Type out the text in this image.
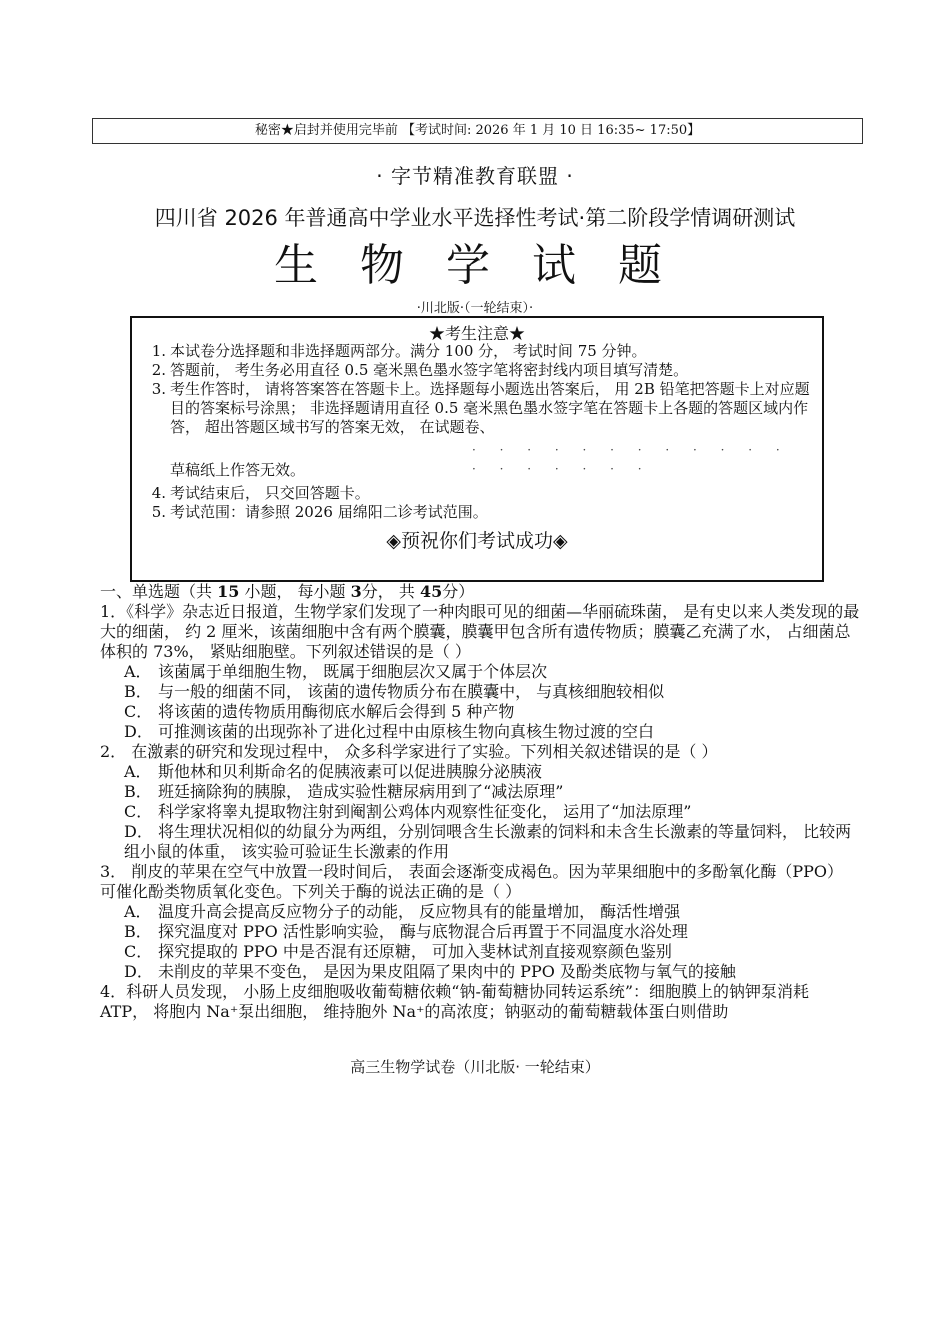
秘密★启封并使用完毕前 【考试时间: 2026 年 1 月 10 日 16:35~ 17:50】
· 字节精准教育联盟 ·
四川省 2026 年普通高中学业水平选择性考试·第二阶段学情调研测试
生 物 学 试 题
·川北版·（一轮结束）·
★考生注意★
1. 本试卷分选择题和非选择题两部分。满分 100 分， 考试时间 75 分钟。
2. 答题前， 考生务必用直径 0.5 毫米黑色墨水签字笔将密封线内项目填写清楚。
3. 考生作答时， 请将答案答在答题卡上。选择题每小题选出答案后， 用 2B 铅笔把答题卡上对应题目的答案标号涂黑； 非选择题请用直径 0.5 毫米黑色墨水签字笔在答题卡上各题的答题区域内作答， 超出答题区域书写的答案无效， 在试题卷、
· · · · · · · · · · · · · · · · · · ·
草稿纸上作答无效。
4. 考试结束后， 只交回答题卡。
5. 考试范围：请参照 2026 届绵阳二诊考试范围。
◈预祝你们考试成功◈
一、单选题（共 15 小题， 每小题 3分， 共 45分）

1．《科学》杂志近日报道，生物学家们发现了一种肉眼可见的细菌—华丽硫珠菌， 是有史以来人类发现的最大的细菌， 约 2 厘米，该菌细胞中含有两个膜囊，膜囊甲包含所有遗传物质；膜囊乙充满了水， 占细菌总体积的 73%， 紧贴细胞壁。下列叙述错误的是（ ）

A． 该菌属于单细胞生物， 既属于细胞层次又属于个体层次
B． 与一般的细菌不同， 该菌的遗传物质分布在膜囊中， 与真核细胞较相似
C． 将该菌的遗传物质用酶彻底水解后会得到 5 种产物
D． 可推测该菌的出现弥补了进化过程中由原核生物向真核生物过渡的空白

2． 在激素的研究和发现过程中， 众多科学家进行了实验。下列相关叙述错误的是（ ）

A． 斯他林和贝利斯命名的促胰液素可以促进胰腺分泌胰液
B． 班廷摘除狗的胰腺， 造成实验性糖尿病用到了“减法原理”
C． 科学家将睾丸提取物注射到阉割公鸡体内观察性征变化， 运用了“加法原理”
D． 将生理状况相似的幼鼠分为两组，分别饲喂含生长激素的饲料和未含生长激素的等量饲料， 比较两组小鼠的体重， 该实验可验证生长激素的作用

3． 削皮的苹果在空气中放置一段时间后， 表面会逐渐变成褐色。因为苹果细胞中的多酚氧化酶（PPO） 可催化酚类物质氧化变色。下列关于酶的说法正确的是（ ）

A． 温度升高会提高反应物分子的动能， 反应物具有的能量增加， 酶活性增强
B． 探究温度对 PPO 活性影响实验， 酶与底物混合后再置于不同温度水浴处理
C． 探究提取的 PPO 中是否混有还原糖， 可加入斐林试剂直接观察颜色鉴别
D． 未削皮的苹果不变色， 是因为果皮阻隔了果肉中的 PPO 及酚类底物与氧气的接触

4．科研人员发现， 小肠上皮细胞吸收葡萄糖依赖“钠-葡萄糖协同转运系统”：细胞膜上的钠钾泵消耗 ATP， 将胞内 Na⁺泵出细胞， 维持胞外 Na⁺的高浓度；钠驱动的葡萄糖载体蛋白则借助

高三生物学试卷（川北版· 一轮结束）
